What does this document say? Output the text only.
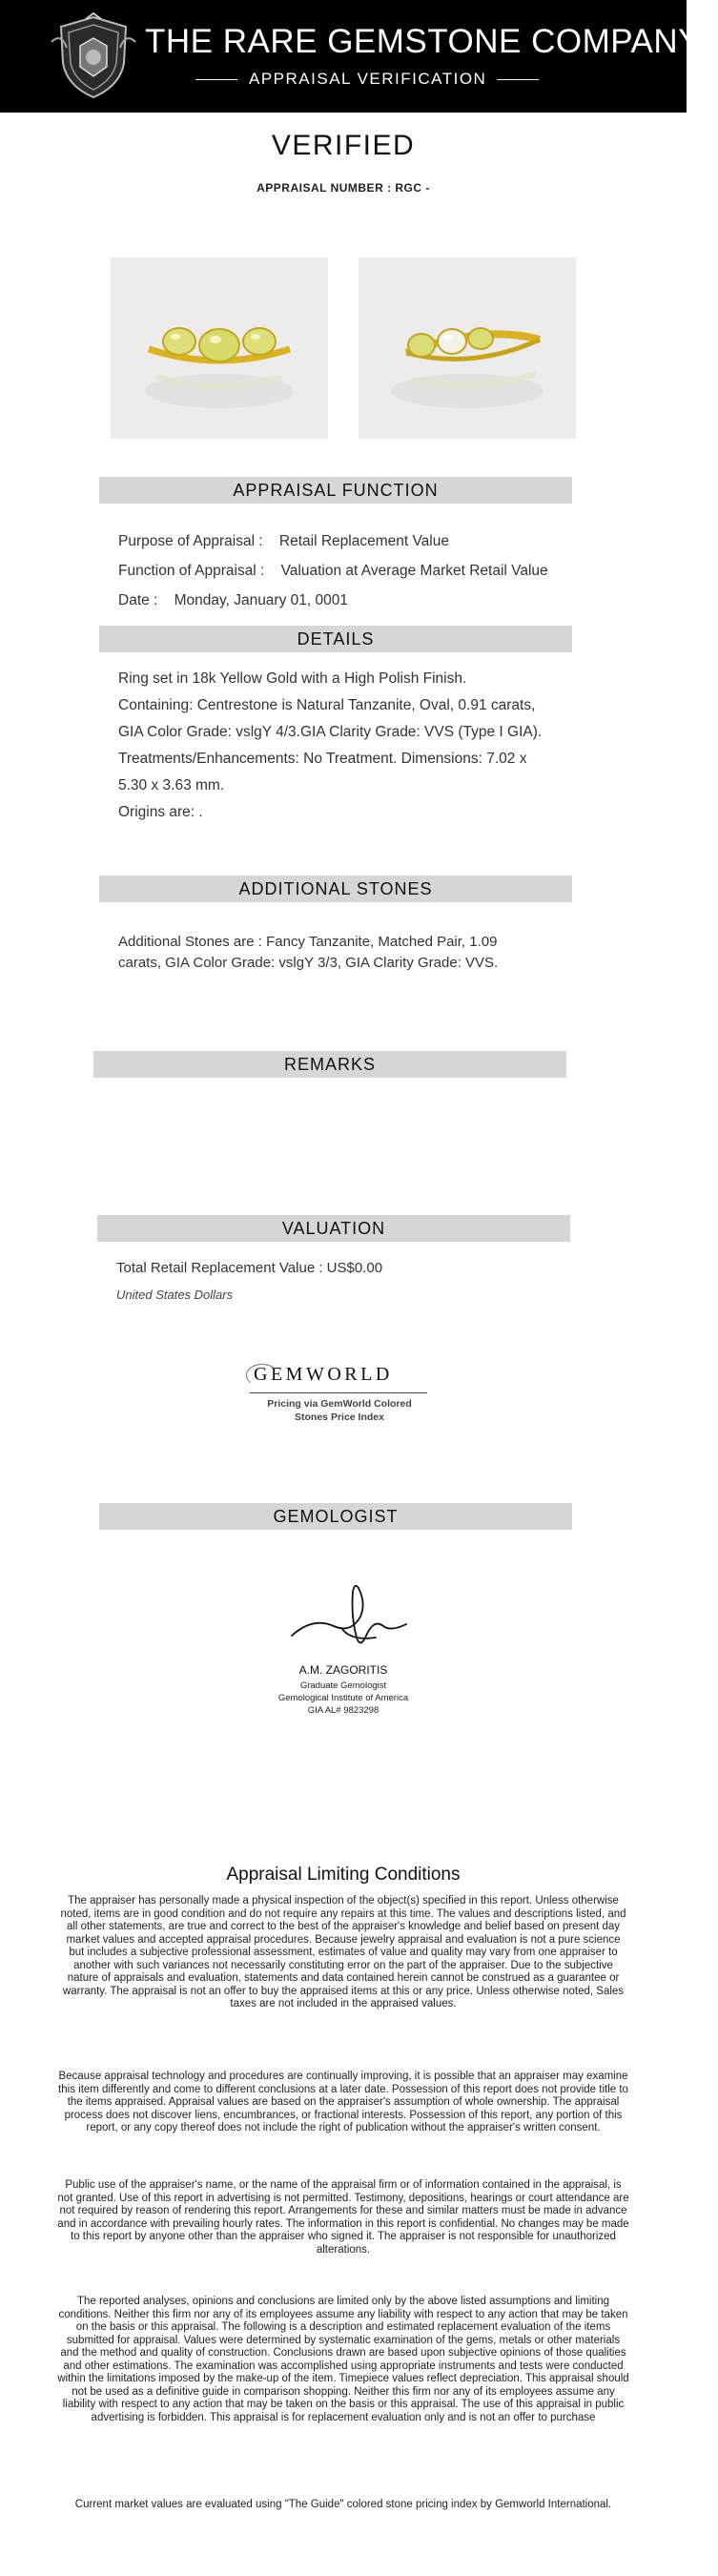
THE RARE GEMSTONE COMPANY ™
APPRAISAL VERIFICATION
VERIFIED
APPRAISAL NUMBER : RGC -
APPRAISAL FUNCTION
Purpose of Appraisal : Retail Replacement Value
Function of Appraisal : Valuation at Average Market Retail Value
Date : Monday, January 01, 0001
DETAILS
Ring set in 18k Yellow Gold with a High Polish Finish.
Containing: Centrestone is Natural Tanzanite, Oval, 0.91 carats,
GIA Color Grade: vslgY 4/3.GIA Clarity Grade: VVS (Type I GIA).
Treatments/Enhancements: No Treatment. Dimensions: 7.02 x
5.30 x 3.63 mm.
Origins are: .
ADDITIONAL STONES
Additional Stones are : Fancy Tanzanite, Matched Pair, 1.09
carats, GIA Color Grade: vslgY 3/3, GIA Clarity Grade: VVS.
REMARKS
VALUATION
Total Retail Replacement Value : US$0.00
United States Dollars
GEMWORLD
Pricing via GemWorld Colored
Stones Price Index
GEMOLOGIST
A.M. ZAGORITIS
Graduate Gemologist
Gemological Institute of America
GIA AL# 9823298
Appraisal Limiting Conditions
The appraiser has personally made a physical inspection of the object(s) specified in this report. Unless otherwise noted, items are in good condition and do not require any repairs at this time. The values and descriptions listed, and all other statements, are true and correct to the best of the appraiser's knowledge and belief based on present day market values and accepted appraisal procedures. Because jewelry appraisal and evaluation is not a pure science but includes a subjective professional assessment, estimates of value and quality may vary from one appraiser to another with such variances not necessarily constituting error on the part of the appraiser. Due to the subjective nature of appraisals and evaluation, statements and data contained herein cannot be construed as a guarantee or warranty. The appraisal is not an offer to buy the appraised items at this or any price. Unless otherwise noted, Sales taxes are not included in the appraised values.
Because appraisal technology and procedures are continually improving, it is possible that an appraiser may examine this item differently and come to different conclusions at a later date. Possession of this report does not provide title to the items appraised. Appraisal values are based on the appraiser's assumption of whole ownership. The appraisal process does not discover liens, encumbrances, or fractional interests. Possession of this report, any portion of this report, or any copy thereof does not include the right of publication without the appraiser's written consent.
Public use of the appraiser's name, or the name of the appraisal firm or of information contained in the appraisal, is not granted. Use of this report in advertising is not permitted. Testimony, depositions, hearings or court attendance are not required by reason of rendering this report. Arrangements for these and similar matters must be made in advance and in accordance with prevailing hourly rates. The information in this report is confidential. No changes may be made to this report by anyone other than the appraiser who signed it. The appraiser is not responsible for unauthorized alterations.
The reported analyses, opinions and conclusions are limited only by the above listed assumptions and limiting conditions. Neither this firm nor any of its employees assume any liability with respect to any action that may be taken on the basis or this appraisal. The following is a description and estimated replacement evaluation of the items submitted for appraisal. Values were determined by systematic examination of the gems, metals or other materials and the method and quality of construction. Conclusions drawn are based upon subjective opinions of those qualities and other estimations. The examination was accomplished using appropriate instruments and tests were conducted within the limitations imposed by the make-up of the item. Timepiece values reflect depreciation. This appraisal should not be used as a definitive guide in comparison shopping. Neither this firm nor any of its employees assume any liability with respect to any action that may be taken on the basis or this appraisal. The use of this appraisal in public advertising is forbidden. This appraisal is for replacement evaluation only and is not an offer to purchase
Current market values are evaluated using "The Guide" colored stone pricing index by Gemworld International.
